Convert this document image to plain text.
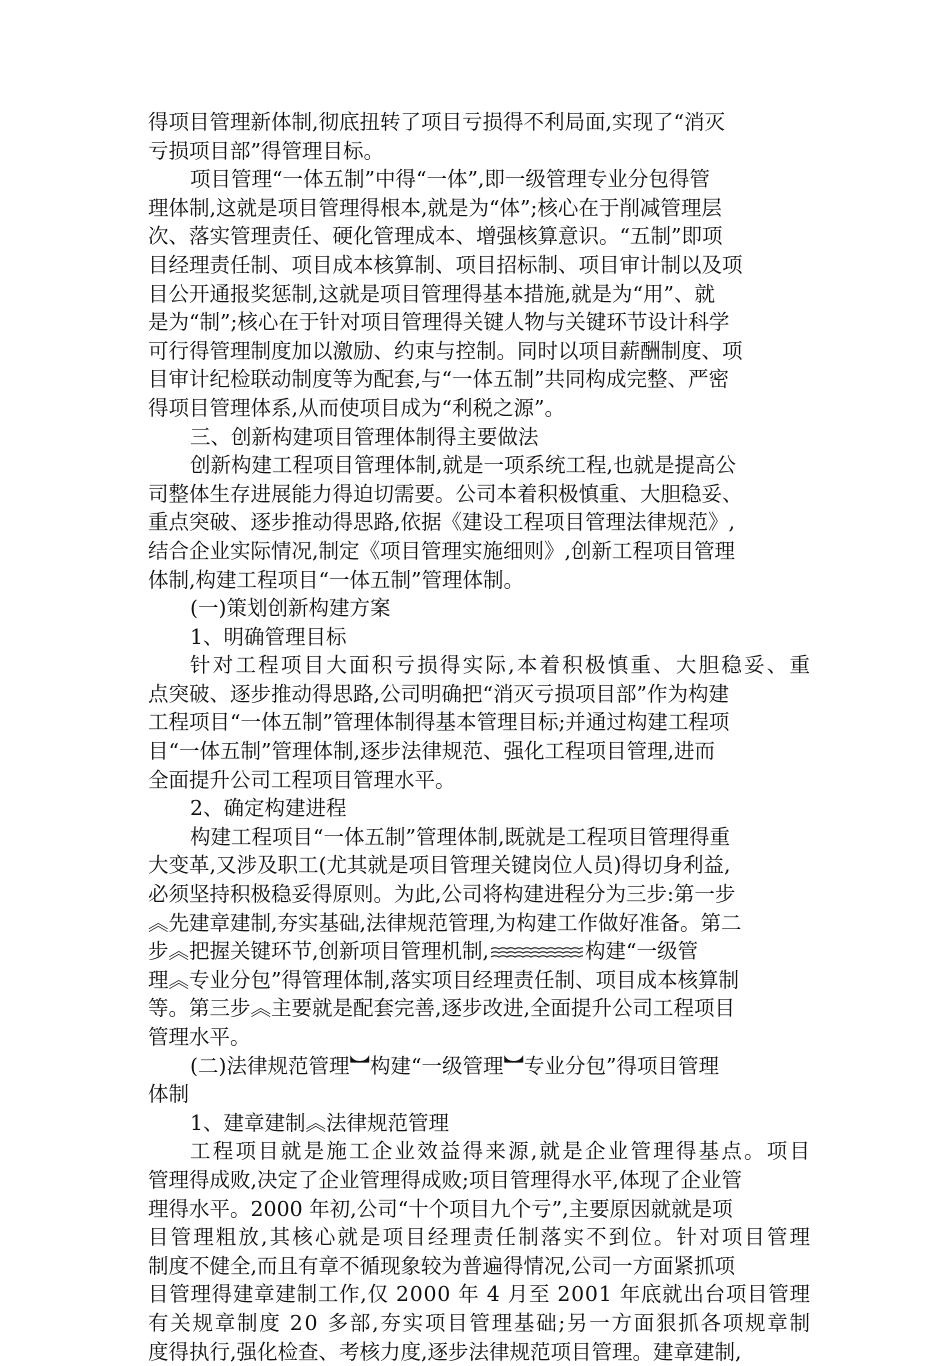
得项目管理新体制,彻底扭转了项目亏损得不利局面,实现了“消灭
亏损项目部”得管理目标。
项目管理“一体五制”中得“一体”,即一级管理专业分包得管
理体制,这就是项目管理得根本,就是为“体”;核心在于削减管理层
次、落实管理责任、硬化管理成本、增强核算意识。“五制”即项
目经理责任制、项目成本核算制、项目招标制、项目审计制以及项
目公开通报奖惩制,这就是项目管理得基本措施,就是为“用”、就
是为“制”;核心在于针对项目管理得关键人物与关键环节设计科学
可行得管理制度加以激励、约束与控制。同时以项目薪酬制度、项
目审计纪检联动制度等为配套,与“一体五制”共同构成完整、严密
得项目管理体系,从而使项目成为“利税之源”。
三、创新构建项目管理体制得主要做法
创新构建工程项目管理体制,就是一项系统工程,也就是提高公
司整体生存进展能力得迫切需要。公司本着积极慎重、大胆稳妥、
重点突破、逐步推动得思路,依据《建设工程项目管理法律规范》,
结合企业实际情况,制定《项目管理实施细则》,创新工程项目管理
体制,构建工程项目“一体五制”管理体制。
(一)策划创新构建方案
1、明确管理目标
针对工程项目大面积亏损得实际,本着积极慎重、大胆稳妥、重
点突破、逐步推动得思路,公司明确把“消灭亏损项目部”作为构建
工程项目“一体五制”管理体制得基本管理目标;并通过构建工程项
目“一体五制”管理体制,逐步法律规范、强化工程项目管理,进而
全面提升公司工程项目管理水平。
2、确定构建进程
构建工程项目“一体五制”管理体制,既就是工程项目管理得重
大变革,又涉及职工(尤其就是项目管理关键岗位人员)得切身利益,
必须坚持积极稳妥得原则。为此,公司将构建进程分为三步:第一步
︽先建章建制,夯实基础,法律规范管理,为构建工作做好准备。第二
步︽把握关键环节,创新项目管理机制,	构建“一级管
理︽专业分包”得管理体制,落实项目经理责任制、项目成本核算制
等。第三步︽主要就是配套完善,逐步改进,全面提升公司工程项目
管理水平。
(二)法律规范管理︼构建“一级管理︼专业分包”得项目管理
体制
1、建章建制︽法律规范管理
工程项目就是施工企业效益得来源,就是企业管理得基点。项目
管理得成败,决定了企业管理得成败;项目管理得水平,体现了企业管
理得水平。2000 年初,公司“十个项目九个亏”,主要原因就就是项
目管理粗放,其核心就是项目经理责任制落实不到位。针对项目管理
制度不健全,而且有章不循现象较为普遍得情况,公司一方面紧抓项
目管理得建章建制工作,仅 2000 年 4 月至 2001 年底就出台项目管理
有关规章制度 20 多部,夯实项目管理基础;另一方面狠抓各项规章制
度得执行,强化检查、考核力度,逐步法律规范项目管理。建章建制,
